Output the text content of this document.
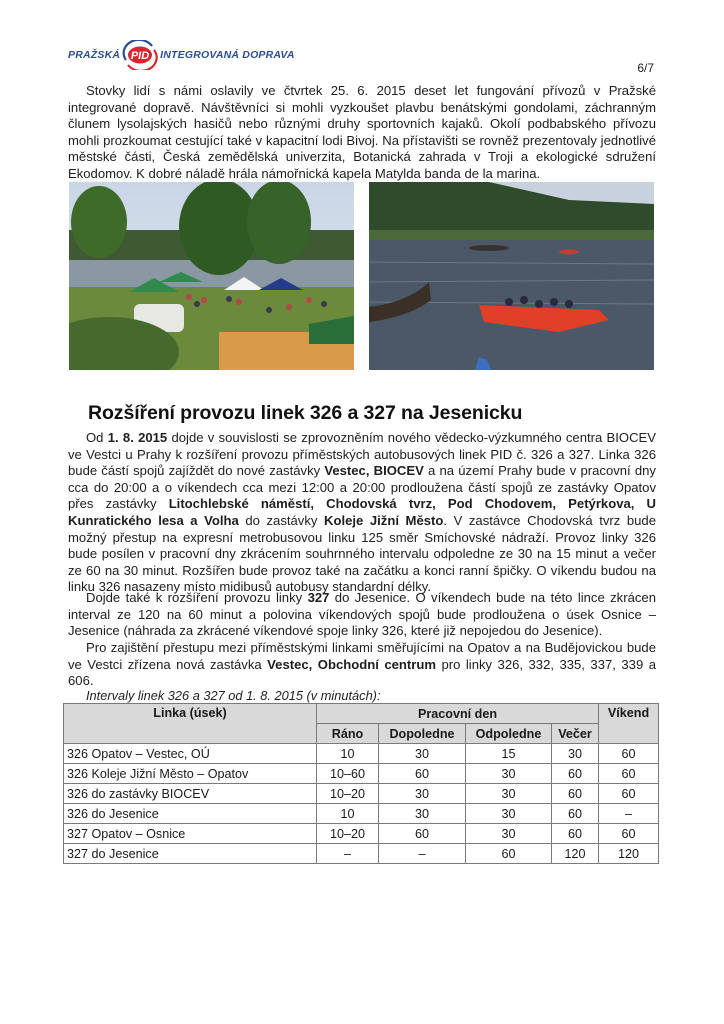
PRAŽSKÁ PID INTEGROVANÁ DOPRAVA
6/7

Stovky lidí s námi oslavily ve čtvrtek 25. 6. 2015 deset let fungování přívozů v Pražské integrované dopravě. Návštěvníci si mohli vyzkoušet plavbu benátskými gondolami, záchranným člunem lysolajských hasičů nebo různými druhy sportovních kajaků. Okolí podbabského přívozu mohli prozkoumat cestující také v kapacitní lodi Bivoj. Na přístavišti se rovněž prezentovaly jednotlivé městské části, Česká zemědělská univerzita, Botanická zahrada v Troji a ekologické sdružení Ekodomov. K dobré náladě hrála námořnická kapela Matylda banda de la marina.

Rozšíření provozu linek 326 a 327 na Jesenicku

Od 1. 8. 2015 dojde v souvislosti se zprovozněním nového vědecko-výzkumného centra BIOCEV ve Vestci u Prahy k rozšíření provozu příměstských autobusových linek PID č. 326 a 327. Linka 326 bude částí spojů zajíždět do nové zastávky Vestec, BIOCEV a na území Prahy bude v pracovní dny cca do 20:00 a o víkendech cca mezi 12:00 a 20:00 prodloužena částí spojů ze zastávky Opatov přes zastávky Litochlebské náměstí, Chodovská tvrz, Pod Chodovem, Petýrkova, U Kunratického lesa a Volha do zastávky Koleje Jižní Město. V zastávce Chodovská tvrz bude možný přestup na expresní metrobusovou linku 125 směr Smíchovské nádraží. Provoz linky 326 bude posílen v pracovní dny zkrácením souhrnného intervalu odpoledne ze 30 na 15 minut a večer ze 60 na 30 minut. Rozšířen bude provoz také na začátku a konci ranní špičky. O víkendu budou na linku 326 nasazeny místo midibusů autobusy standardní délky.

Dojde také k rozšíření provozu linky 327 do Jesenice. O víkendech bude na této lince zkrácen interval ze 120 na 60 minut a polovina víkendových spojů bude prodloužena o úsek Osnice – Jesenice (náhrada za zkrácené víkendové spoje linky 326, které již nepojedou do Jesenice).

Pro zajištění přestupu mezi příměstskými linkami směřujícími na Opatov a na Budějovickou bude ve Vestci zřízena nová zastávka Vestec, Obchodní centrum pro linky 326, 332, 335, 337, 339 a 606.

Intervaly linek 326 a 327 od 1. 8. 2015 (v minutách):
Linka (úsek)	Pracovní den				Víkend
	Ráno	Dopoledne	Odpoledne	Večer	
326 Opatov – Vestec, OÚ	10	30	15	30	60
326 Koleje Jižní Město – Opatov	10–60	60	30	60	60
326 do zastávky BIOCEV	10–20	30	30	60	60
326 do Jesenice	10	30	30	60	–
327 Opatov – Osnice	10–20	60	30	60	60
327 do Jesenice	–	–	60	120	120
